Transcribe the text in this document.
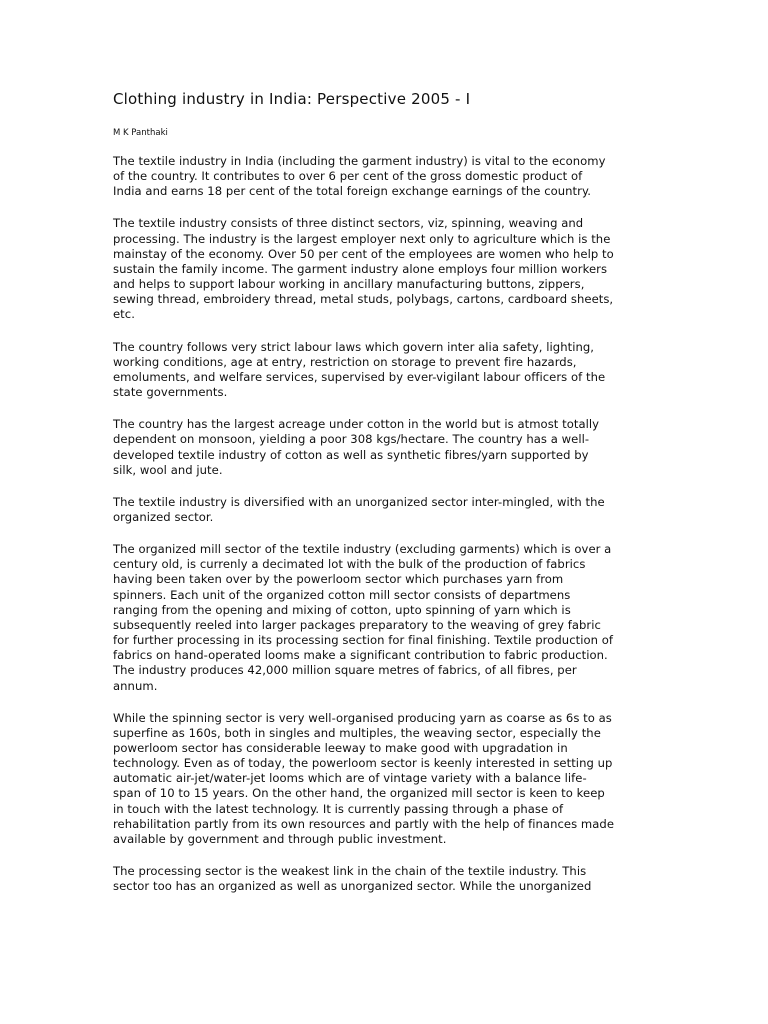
Clothing industry in India: Perspective 2005 - I
M K Panthaki

The textile industry in India (including the garment industry) is vital to the economy
of the country. It contributes to over 6 per cent of the gross domestic product of
India and earns 18 per cent of the total foreign exchange earnings of the country.

The textile industry consists of three distinct sectors, viz, spinning, weaving and
processing. The industry is the largest employer next only to agriculture which is the
mainstay of the economy. Over 50 per cent of the employees are women who help to
sustain the family income. The garment industry alone employs four million workers
and helps to support labour working in ancillary manufacturing buttons, zippers,
sewing thread, embroidery thread, metal studs, polybags, cartons, cardboard sheets,
etc.

The country follows very strict labour laws which govern inter alia safety, lighting,
working conditions, age at entry, restriction on storage to prevent fire hazards,
emoluments, and welfare services, supervised by ever-vigilant labour officers of the
state governments.

The country has the largest acreage under cotton in the world but is atmost totally
dependent on monsoon, yielding a poor 308 kgs/hectare. The country has a well-
developed textile industry of cotton as well as synthetic fibres/yarn supported by
silk, wool and jute.

The textile industry is diversified with an unorganized sector inter-mingled, with the
organized sector.

The organized mill sector of the textile industry (excluding garments) which is over a
century old, is currenly a decimated lot with the bulk of the production of fabrics
having been taken over by the powerloom sector which purchases yarn from
spinners. Each unit of the organized cotton mill sector consists of departmens
ranging from the opening and mixing of cotton, upto spinning of yarn which is
subsequently reeled into larger packages preparatory to the weaving of grey fabric
for further processing in its processing section for final finishing. Textile production of
fabrics on hand-operated looms make a significant contribution to fabric production.
The industry produces 42,000 million square metres of fabrics, of all fibres, per
annum.

While the spinning sector is very well-organised producing yarn as coarse as 6s to as
superfine as 160s, both in singles and multiples, the weaving sector, especially the
powerloom sector has considerable leeway to make good with upgradation in
technology. Even as of today, the powerloom sector is keenly interested in setting up
automatic air-jet/water-jet looms which are of vintage variety with a balance life-
span of 10 to 15 years. On the other hand, the organized mill sector is keen to keep
in touch with the latest technology. It is currently passing through a phase of
rehabilitation partly from its own resources and partly with the help of finances made
available by government and through public investment.

The processing sector is the weakest link in the chain of the textile industry. This
sector too has an organized as well as unorganized sector. While the unorganized
